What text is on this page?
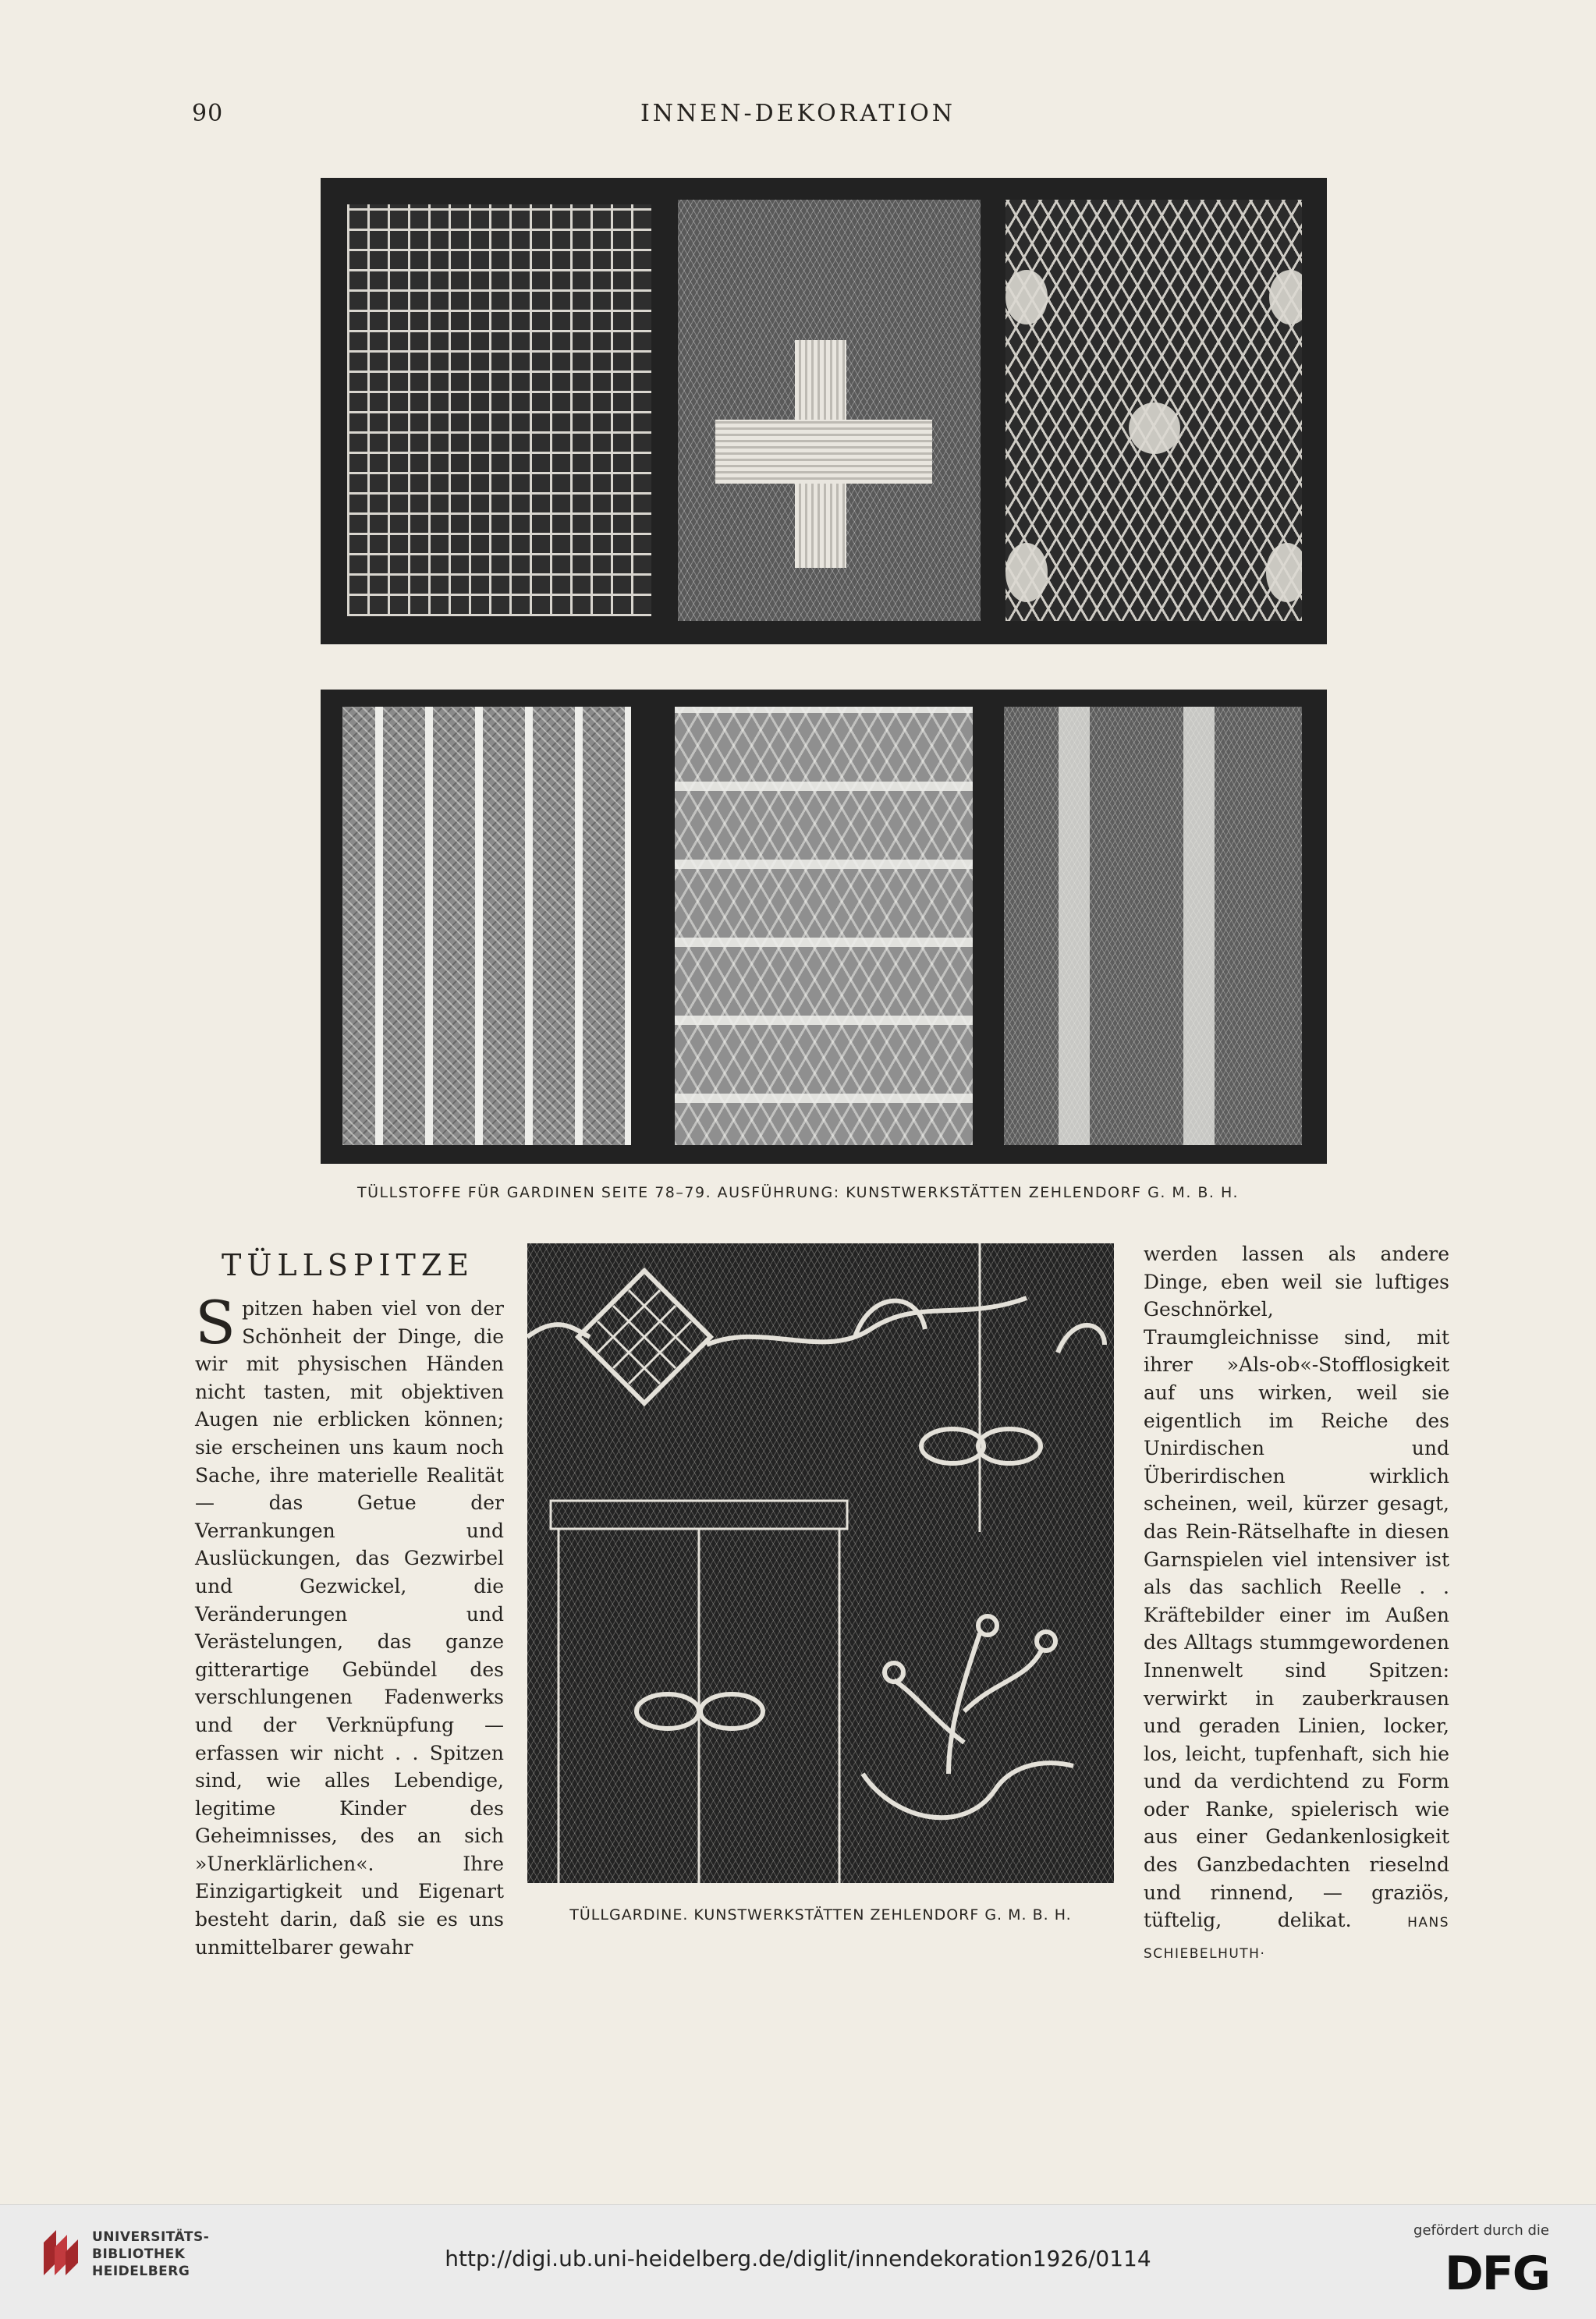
90	INNEN-DEKORATION
TÜLLSTOFFE FÜR GARDINEN SEITE 78–79. AUSFÜHRUNG: KUNSTWERKSTÄTTEN ZEHLENDORF G. M. B. H.
TÜLLSPITZE

Spitzen haben viel von der Schönheit der Dinge, die wir mit physischen Händen nicht tasten, mit objektiven Augen nie erblicken können; sie erscheinen uns kaum noch Sache, ihre materielle Realität — das Getue der Verrankungen und Auslückungen, das Gezwirbel und Gezwickel, die Veränderungen und Verästelungen, das ganze gitterartige Gebündel des verschlungenen Fadenwerks und der Verknüpfung — erfassen wir nicht . . Spitzen sind, wie alles Lebendige, legitime Kinder des Geheimnisses, des an sich »Unerklärlichen«. Ihre Einzigartigkeit und Eigenart besteht darin, daß sie es uns unmittelbarer gewahr

TÜLLGARDINE. KUNSTWERKSTÄTTEN ZEHLENDORF G. M. B. H.

werden lassen als andere Dinge, eben weil sie luftiges Geschnörkel, Traumgleichnisse sind, mit ihrer »Als-ob«-Stofflosigkeit auf uns wirken, weil sie eigentlich im Reiche des Unirdischen und Überirdischen wirklich scheinen, weil, kürzer gesagt, das Rein-Rätselhafte in diesen Garnspielen viel intensiver ist als das sachlich Reelle . . Kräftebilder einer im Außen des Alltags stummgewordenen Innenwelt sind Spitzen: verwirkt in zauberkrausen und geraden Linien, locker, los, leicht, tupfenhaft, sich hie und da verdichtend zu Form oder Ranke, spielerisch wie aus einer Gedankenlosigkeit des Ganzbedachten rieselnd und rinnend, — graziös, tüftelig, delikat.	HANS SCHIEBELHUTH·

UNIVERSITÄTS-
BIBLIOTHEK
HEIDELBERG	http://digi.ub.uni-heidelberg.de/diglit/innendekoration1926/0114
gefördert durch die
DFG
